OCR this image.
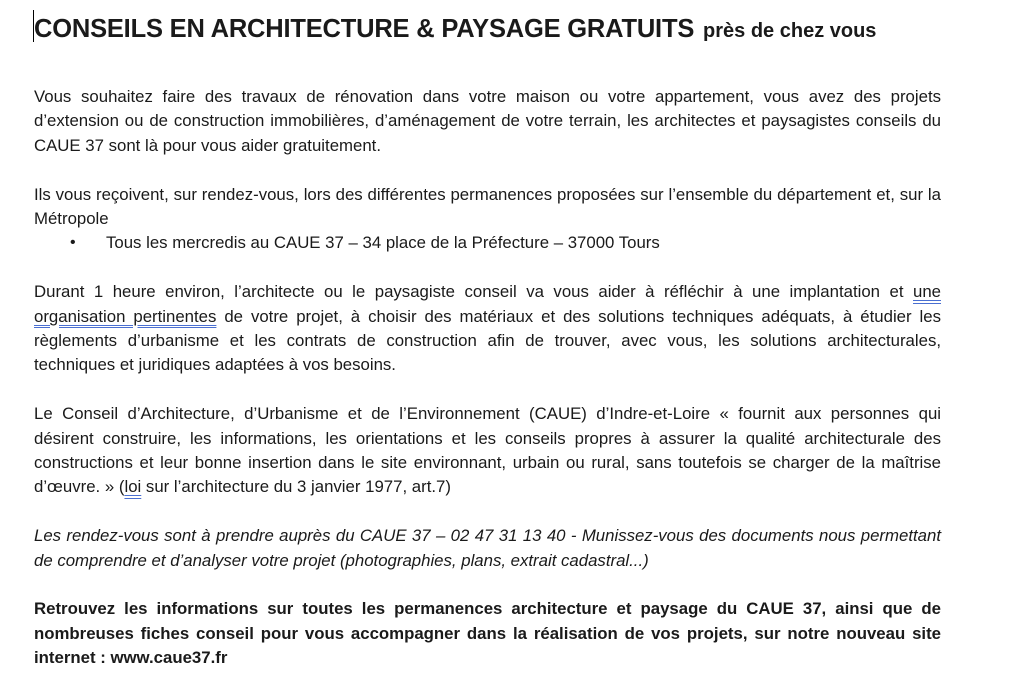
CONSEILS EN ARCHITECTURE & PAYSAGE GRATUITS près de chez vous

Vous souhaitez faire des travaux de rénovation dans votre maison ou votre appartement, vous avez des projets d’extension ou de construction immobilières, d’aménagement de votre terrain, les architectes et paysagistes conseils du CAUE 37 sont là pour vous aider gratuitement.

Ils vous reçoivent, sur rendez-vous, lors des différentes permanences proposées sur l’ensemble du département et, sur la Métropole

• Tous les mercredis au CAUE 37 – 34 place de la Préfecture – 37000 Tours

Durant 1 heure environ, l’architecte ou le paysagiste conseil va vous aider à réfléchir à une implantation et une organisation pertinentes de votre projet, à choisir des matériaux et des solutions techniques adéquats, à étudier les règlements d’urbanisme et les contrats de construction afin de trouver, avec vous, les solutions architecturales, techniques et juridiques adaptées à vos besoins.

Le Conseil d’Architecture, d’Urbanisme et de l’Environnement (CAUE) d’Indre-et-Loire « fournit aux personnes qui désirent construire, les informations, les orientations et les conseils propres à assurer la qualité architecturale des constructions et leur bonne insertion dans le site environnant, urbain ou rural, sans toutefois se charger de la maîtrise d’œuvre. » (loi sur l’architecture du 3 janvier 1977, art.7)

Les rendez-vous sont à prendre auprès du CAUE 37 – 02 47 31 13 40 - Munissez-vous des documents nous permettant de comprendre et d’analyser votre projet (photographies, plans, extrait cadastral...)

Retrouvez les informations sur toutes les permanences architecture et paysage du CAUE 37, ainsi que de nombreuses fiches conseil pour vous accompagner dans la réalisation de vos projets, sur notre nouveau site internet : www.caue37.fr
